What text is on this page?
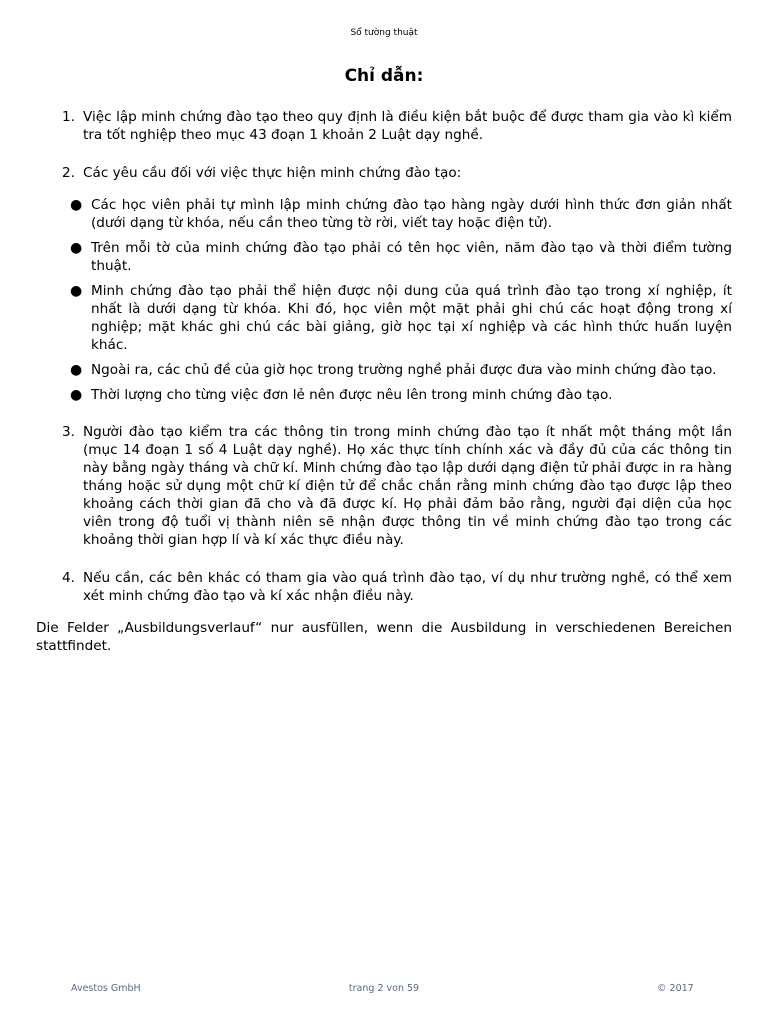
Sổ tường thuật
Chỉ dẫn:
1. Việc lập minh chứng đào tạo theo quy định là điều kiện bắt buộc để được tham gia vào kì kiểm tra tốt nghiệp theo mục 43 đoạn 1 khoản 2 Luật dạy nghề.
2. Các yêu cầu đối với việc thực hiện minh chứng đào tạo:
● Các học viên phải tự mình lập minh chứng đào tạo hàng ngày dưới hình thức đơn giản nhất (dưới dạng từ khóa, nếu cần theo từng tờ rời, viết tay hoặc điện tử).
● Trên mỗi tờ của minh chứng đào tạo phải có tên học viên, năm đào tạo và thời điểm tường thuật.
● Minh chứng đào tạo phải thể hiện được nội dung của quá trình đào tạo trong xí nghiệp, ít nhất là dưới dạng từ khóa. Khi đó, học viên một mặt phải ghi chú các hoạt động trong xí nghiệp; mặt khác ghi chú các bài giảng, giờ học tại xí nghiệp và các hình thức huấn luyện khác.
● Ngoài ra, các chủ đề của giờ học trong trường nghề phải được đưa vào minh chứng đào tạo.
● Thời lượng cho từng việc đơn lẻ nên được nêu lên trong minh chứng đào tạo.
3. Người đào tạo kiểm tra các thông tin trong minh chứng đào tạo ít nhất một tháng một lần (mục 14 đoạn 1 số 4 Luật dạy nghề). Họ xác thực tính chính xác và đầy đủ của các thông tin này bằng ngày tháng và chữ kí. Minh chứng đào tạo lập dưới dạng điện tử phải được in ra hàng tháng hoặc sử dụng một chữ kí điện tử để chắc chắn rằng minh chứng đào tạo được lập theo khoảng cách thời gian đã cho và đã được kí. Họ phải đảm bảo rằng, người đại diện của học viên trong độ tuổi vị thành niên sẽ nhận được thông tin về minh chứng đào tạo trong các khoảng thời gian hợp lí và kí xác thực điều này.
4. Nếu cần, các bên khác có tham gia vào quá trình đào tạo, ví dụ như trường nghề, có thể xem xét minh chứng đào tạo và kí xác nhận điều này.
Die Felder „Ausbildungsverlauf“ nur ausfüllen, wenn die Ausbildung in verschiedenen Bereichen stattfindet.
Avestos GmbH	trang 2 von 59	© 2017
